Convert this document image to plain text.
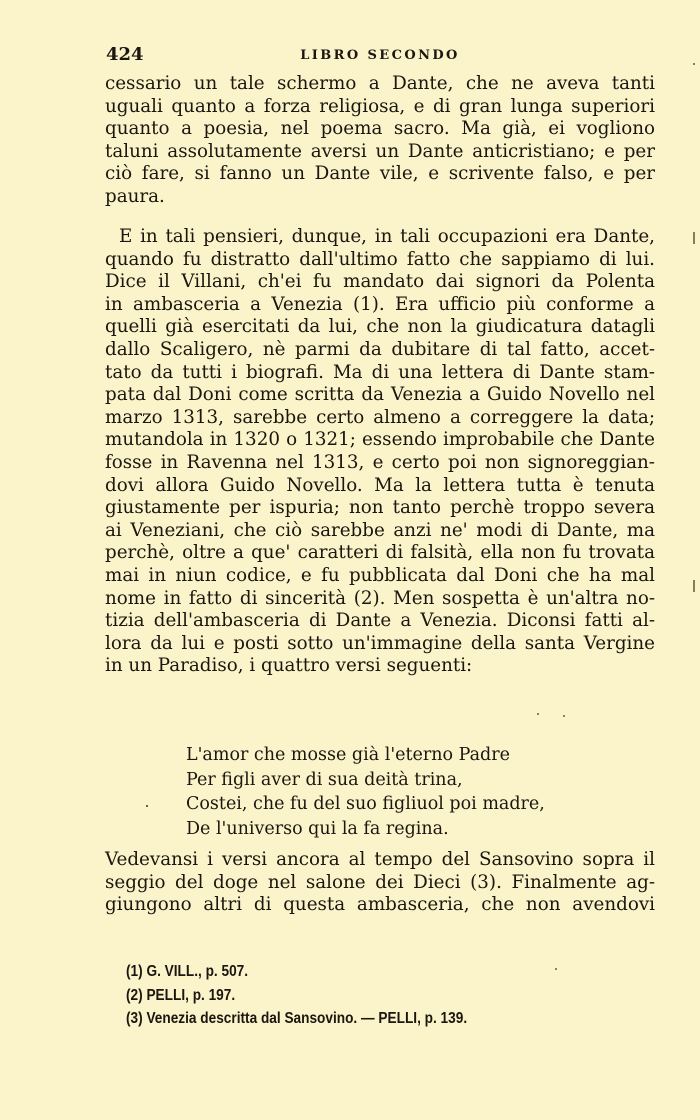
424	LIBRO SECONDO
cessario un tale schermo a Dante, che ne aveva tanti
uguali quanto a forza religiosa, e di gran lunga superiori
quanto a poesia, nel poema sacro. Ma già, ei vogliono
taluni assolutamente aversi un Dante anticristiano; e per
ciò fare, si fanno un Dante vile, e scrivente falso, e per
paura.
E in tali pensieri, dunque, in tali occupazioni era Dante,
quando fu distratto dall'ultimo fatto che sappiamo di lui.
Dice il Villani, ch'ei fu mandato dai signori da Polenta
in ambasceria a Venezia (1). Era ufficio più conforme a
quelli già esercitati da lui, che non la giudicatura datagli
dallo Scaligero, nè parmi da dubitare di tal fatto, accet-
tato da tutti i biografi. Ma di una lettera di Dante stam-
pata dal Doni come scritta da Venezia a Guido Novello nel
marzo 1313, sarebbe certo almeno a correggere la data;
mutandola in 1320 o 1321; essendo improbabile che Dante
fosse in Ravenna nel 1313, e certo poi non signoreggian-
dovi allora Guido Novello. Ma la lettera tutta è tenuta
giustamente per ispuria; non tanto perchè troppo severa
ai Veneziani, che ciò sarebbe anzi ne' modi di Dante, ma
perchè, oltre a que' caratteri di falsità, ella non fu trovata
mai in niun codice, e fu pubblicata dal Doni che ha mal
nome in fatto di sincerità (2). Men sospetta è un'altra no-
tizia dell'ambasceria di Dante a Venezia. Diconsi fatti al-
lora da lui e posti sotto un'immagine della santa Vergine
in un Paradiso, i quattro versi seguenti:
L'amor che mosse già l'eterno Padre
Per figli aver di sua deità trina,
Costei, che fu del suo figliuol poi madre,
De l'universo qui la fa regina.
Vedevansi i versi ancora al tempo del Sansovino sopra il
seggio del doge nel salone dei Dieci (3). Finalmente ag-
giungono altri di questa ambasceria, che non avendovi
(1) G. VILL., p. 507.
(2) PELLI, p. 197.
(3) Venezia descritta dal Sansovino. — PELLI, p. 139.
